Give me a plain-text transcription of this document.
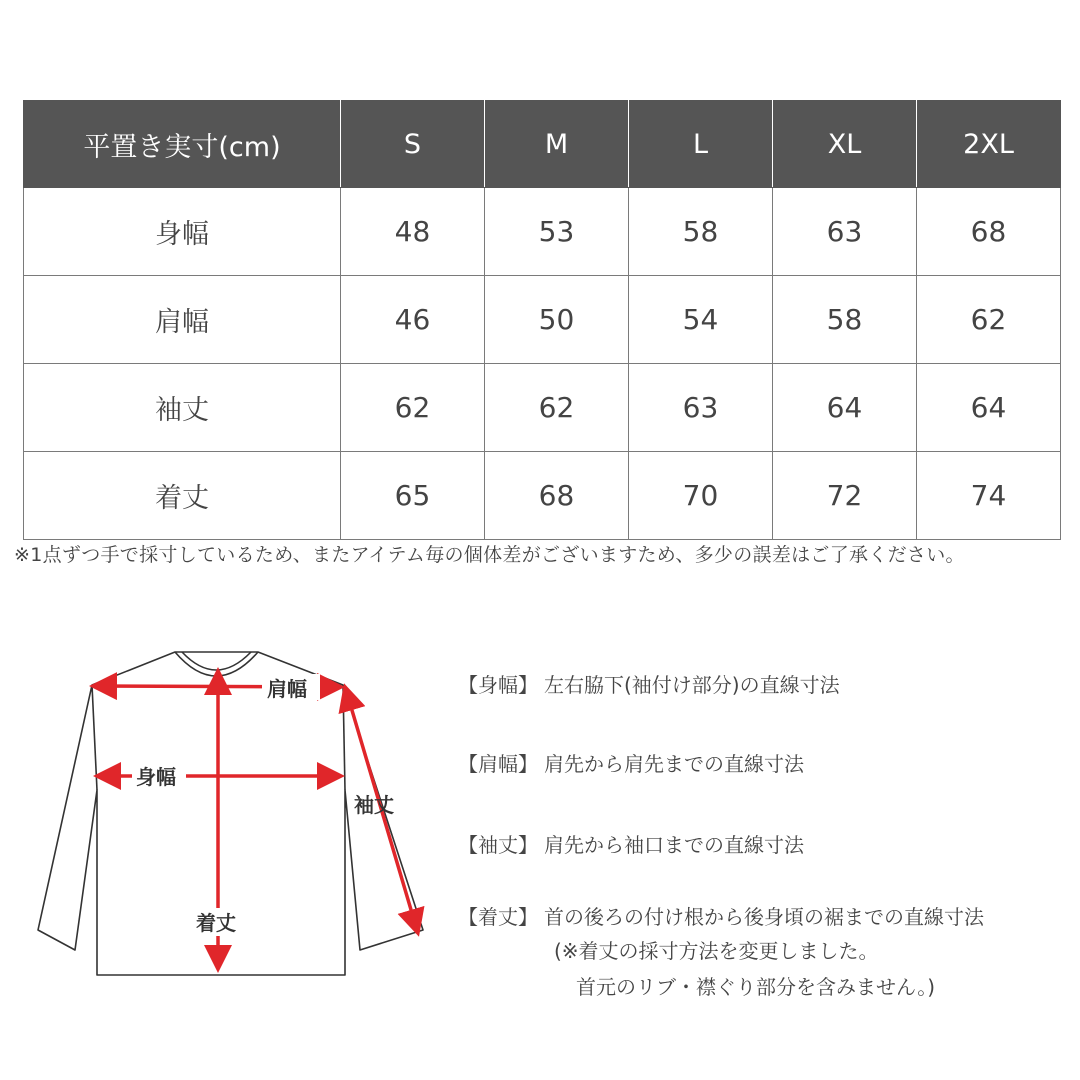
平置き実寸(cm)	S	M	L	XL	2XL
身幅	48	53	58	63	68
肩幅	46	50	54	58	62
袖丈	62	62	63	64	64
着丈	65	68	70	72	74
※1点ずつ手で採寸しているため、またアイテム毎の個体差がございますため、多少の誤差はご了承ください。
肩幅
身幅
袖丈
着丈
【身幅】 左右脇下(袖付け部分)の直線寸法
【肩幅】 肩先から肩先までの直線寸法
【袖丈】 肩先から袖口までの直線寸法
【着丈】 首の後ろの付け根から後身頃の裾までの直線寸法
(※着丈の採寸方法を変更しました。
首元のリブ・襟ぐり部分を含みません。)
